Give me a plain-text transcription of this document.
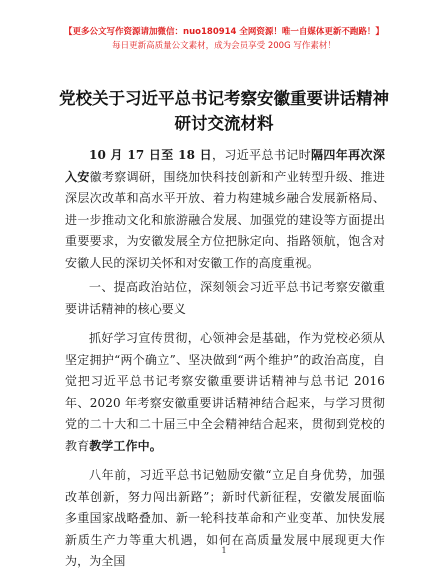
【更多公文写作资源请加微信：nuo180914 全网资源！唯一自媒体更新不跑路！】
每日更新高质量公文素材，成为会员享受 200G 写作素材！
党校关于习近平总书记考察安徽重要讲话精神
研讨交流材料

10 月 17 日至 18 日，习近平总书记时隔四年再次深入安徽考察调研，围绕加快科技创新和产业转型升级、推进深层次改革和高水平开放、着力构建城乡融合发展新格局、进一步推动文化和旅游融合发展、加强党的建设等方面提出重要要求，为安徽发展全方位把脉定向、指路领航，饱含对安徽人民的深切关怀和对安徽工作的高度重视。

一、提高政治站位，深刻领会习近平总书记考察安徽重要讲话精神的核心要义

抓好学习宣传贯彻，心领神会是基础，作为党校必须从坚定拥护“两个确立”、坚决做到“两个维护”的政治高度，自觉把习近平总书记考察安徽重要讲话精神与总书记 2016 年、2020 年考察安徽重要讲话精神结合起来，与学习贯彻党的二十大和二十届三中全会精神结合起来，贯彻到党校的教育教学工作中。

八年前，习近平总书记勉励安徽“立足自身优势，加强改革创新，努力闯出新路”；新时代新征程，安徽发展面临多重国家战略叠加、新一轮科技革命和产业变革、加快发展新质生产力等重大机遇，如何在高质量发展中展现更大作为，为全国

1
